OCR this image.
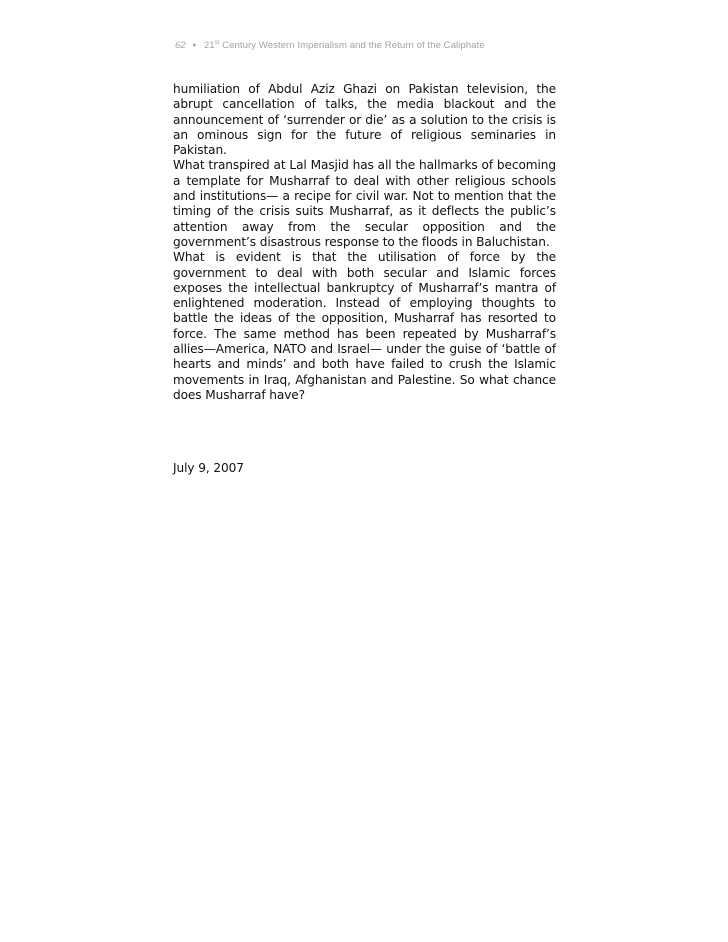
62 ♦ 21st Century Western Imperialism and the Return of the Caliphate

humiliation of Abdul Aziz Ghazi on Pakistan television, the abrupt cancellation of talks, the media blackout and the announcement of ‘surrender or die’ as a solution to the crisis is an ominous sign for the future of religious seminaries in Pakistan.

What transpired at Lal Masjid has all the hallmarks of becoming a template for Musharraf to deal with other religious schools and institutions— a recipe for civil war. Not to mention that the timing of the crisis suits Musharraf, as it deflects the public’s attention away from the secular opposition and the government’s disastrous response to the floods in Baluchistan.

What is evident is that the utilisation of force by the government to deal with both secular and Islamic forces exposes the intellectual bankruptcy of Musharraf’s mantra of enlightened moderation. Instead of employing thoughts to battle the ideas of the opposition, Musharraf has resorted to force. The same method has been repeated by Musharraf’s allies—America, NATO and Israel— under the guise of ‘battle of hearts and minds’ and both have failed to crush the Islamic movements in Iraq, Afghanistan and Palestine. So what chance does Musharraf have?

July 9, 2007
